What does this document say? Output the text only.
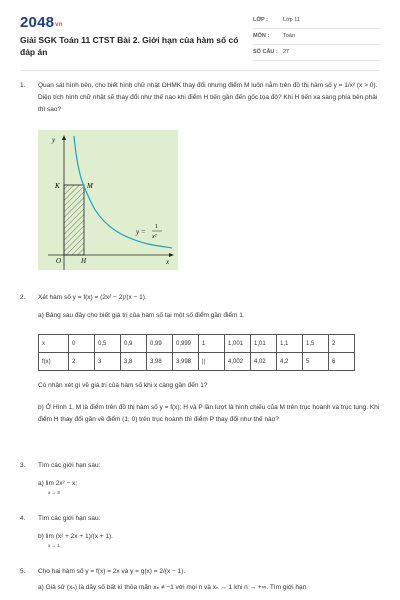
2048vn
Giải SGK Toán 11 CTST Bài 2. Giới hạn của hàm số có đáp án
LỚP :	Lớp 11
MÔN :	Toán
SỐ CÂU : 27
1.	Quan sát hình bên, cho biết hình chữ nhật OHMK thay đổi nhưng điểm M luôn nằm trên đồ thị hàm số y = 1/x² (x > 0). Diện tích hình chữ nhật sẽ thay đổi như thế nào khi điểm H tiến gần đến gốc tọa độ? Khi H tiến xa sang phía bên phải thì sao?

y
x
O	H
K	M
y =
1
x²
2.	Xét hàm số y = f(x) = (2x² − 2)/(x − 1).

a) Bảng sau đây cho biết giá trị của hàm số tại một số điểm gần điểm 1.

x	0	0,5	0,9	0,99	0,999	1	1,001	1,01	1,1	1,5	2
f(x)	2	3	3,8	3,98	3,998	||	4,002	4,02	4,2	5	6

Có nhận xét gì về giá trị của hàm số khi x càng gần đến 1?

b) Ở Hình 1, M là điểm trên đồ thị hàm số y = f(x); H và P lần lượt là hình chiếu của M trên trục hoành và trục tung. Khi điểm H thay đổi gần về điểm (1; 0) trên trục hoành thì điểm P thay đổi như thế nào?

3.	Tìm các giới hạn sau:

a) lim 2x² − x;

x → 3

4.	Tìm các giới hạn sau:

b) lim (x² + 2x + 1)/(x + 1).

x → 1

5.	Cho hai hàm số y = f(x) = 2x và y = g(x) = 2/(x − 1).

a) Giả sử (xₙ) là dãy số bất kì thỏa mãn xₙ ≠ −1 với mọi n và xₙ → 1 khi n → +∞. Tìm giới hạn
